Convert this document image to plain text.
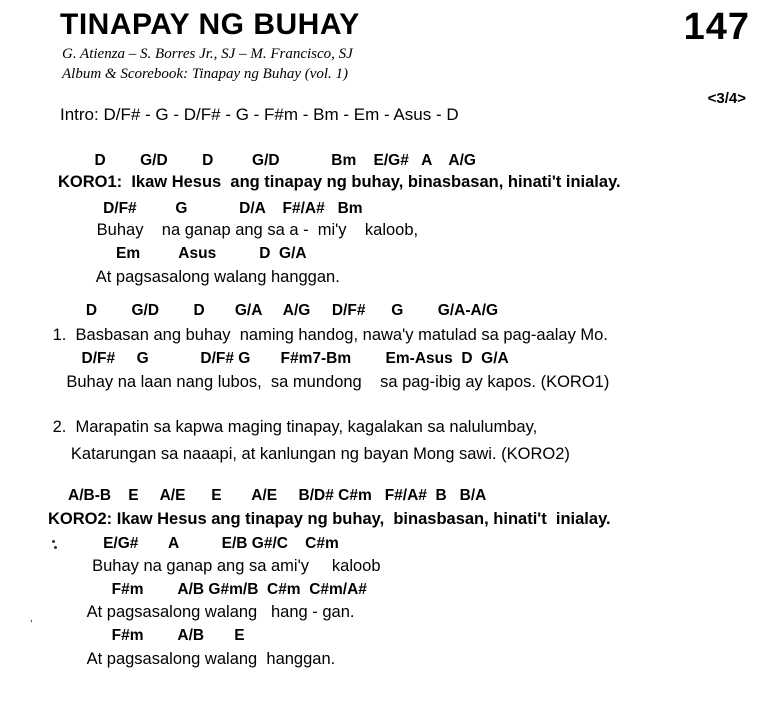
TINAPAY NG BUHAY	147
G. Atienza – S. Borres Jr., SJ – M. Francisco, SJ
Album & Scorebook: Tinapay ng Buhay (vol. 1)
<3/4>
Intro: D/F# - G - D/F# - G - F#m - Bm - Em - Asus - D
D        G/D        D         G/D            Bm    E/G#   A    A/G
KORO1:  Ikaw Hesus  ang tinapay ng buhay, binasbasan, hinati't inialay.
D/F#         G            D/A    F#/A#   Bm
Buhay    na ganap ang sa a -  mi'y    kaloob,
Em         Asus          D  G/A
At pagsasalong walang hanggan.
D        G/D        D       G/A     A/G     D/F#      G        G/A-A/G
1.  Basbasan ang buhay  naming handog, nawa'y matulad sa pag-aalay Mo.
D/F#     G            D/F# G       F#m7-Bm        Em-Asus  D  G/A
Buhay na laan nang lubos,  sa mundong    sa pag-ibig ay kapos. (KORO1)
2.  Marapatin sa kapwa maging tinapay, kagalakan sa nalulumbay,
Katarungan sa naaapi, at kanlungan ng bayan Mong sawi. (KORO2)
A/B-B    E     A/E      E       A/E     B/D# C#m   F#/A#  B   B/A
KORO2: Ikaw Hesus ang tinapay ng buhay,  binasbasan, hinati't  inialay.
E/G#       A          E/B G#/C    C#m
Buhay na ganap ang sa ami'y     kaloob
F#m        A/B G#m/B  C#m  C#m/A#
At pagsasalong walang   hang - gan.
F#m        A/B       E
At pagsasalong walang  hanggan.
‚
